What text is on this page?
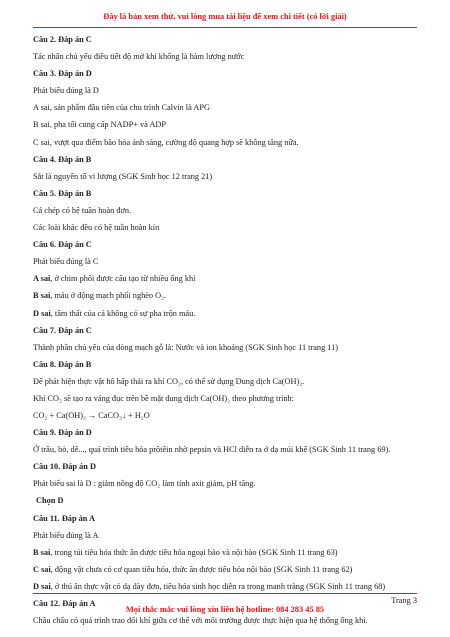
Đây là bản xem thử, vui lòng mua tài liệu để xem chi tiết (có lời giải)
Câu 2. Đáp án C
Tác nhân chủ yếu điều tiết độ mở khí khổng là hàm lượng nước
Câu 3. Đáp án D
Phát biểu đúng là D
A sai, sản phẩm đầu tiên của chu trình Calvin là APG
B sai, pha tối cung cấp NADP+ và ADP
C sai, vượt qua điểm bão hòa ánh sáng, cường độ quang hợp sẽ không tăng nữa.
Câu 4. Đáp án B
Sắt là nguyên tố vi lượng (SGK Sinh học 12 trang 21)
Câu 5. Đáp án B
Cá chép có hệ tuần hoàn đơn.
Các loài khác đều có hệ tuần hoàn kín
Câu 6. Đáp án C
Phát biểu đúng là C
A sai, ở chim phổi được cấu tạo từ nhiều ống khí
B sai, máu ở động mạch phổi nghèo O₂.
D sai, tâm thất của cá không có sự pha trộn máu.
Câu 7. Đáp án C
Thành phần chủ yếu của dòng mạch gỗ là: Nước và ion khoáng (SGK Sinh học 11 trang 11)
Câu 8. Đáp án B
Để phát hiện thực vật hô hấp thải ra khí CO₂, có thể sử dụng Dung dịch Ca(OH)₂.
Khí CO₂ sẽ tạo ra váng đục trên bề mặt dung dịch Ca(OH)₂ theo phương trình:
CO₂ + Ca(OH)₂ → CaCO₃↓ + H₂O
Câu 9. Đáp án D
Ở trâu, bò, dê..., quá trình tiêu hóa prôtêin nhờ pepsin và HCl diễn ra ở dạ múi khế (SGK Sinh 11 trang 69).
Câu 10. Đáp án D
Phát biểu sai là D : giảm nồng độ CO₂ làm tính axit giảm, pH tăng.
Chọn D
Câu 11. Đáp án A
Phát biểu đúng là A
B sai, trong túi tiêu hóa thức ăn được tiêu hóa ngoại bào và nội bào (SGK Sinh 11 trang 63)
C sai, động vật chưa có cơ quan tiêu hóa, thức ăn được tiêu hóa nội bào (SGK Sinh 11 trang 62)
D sai, ở thú ăn thực vật có dạ dày đơn, tiêu hóa sinh học diễn ra trong manh tràng (SGK Sinh 11 trang 68)
Câu 12. Đáp án A
Châu chấu có quá trình trao đổi khí giữa cơ thể với môi trường được thực hiện qua hệ thống ống khí.
Trang 3
Mọi thắc mắc vui lòng xin liên hệ hotline: 084 283 45 85
